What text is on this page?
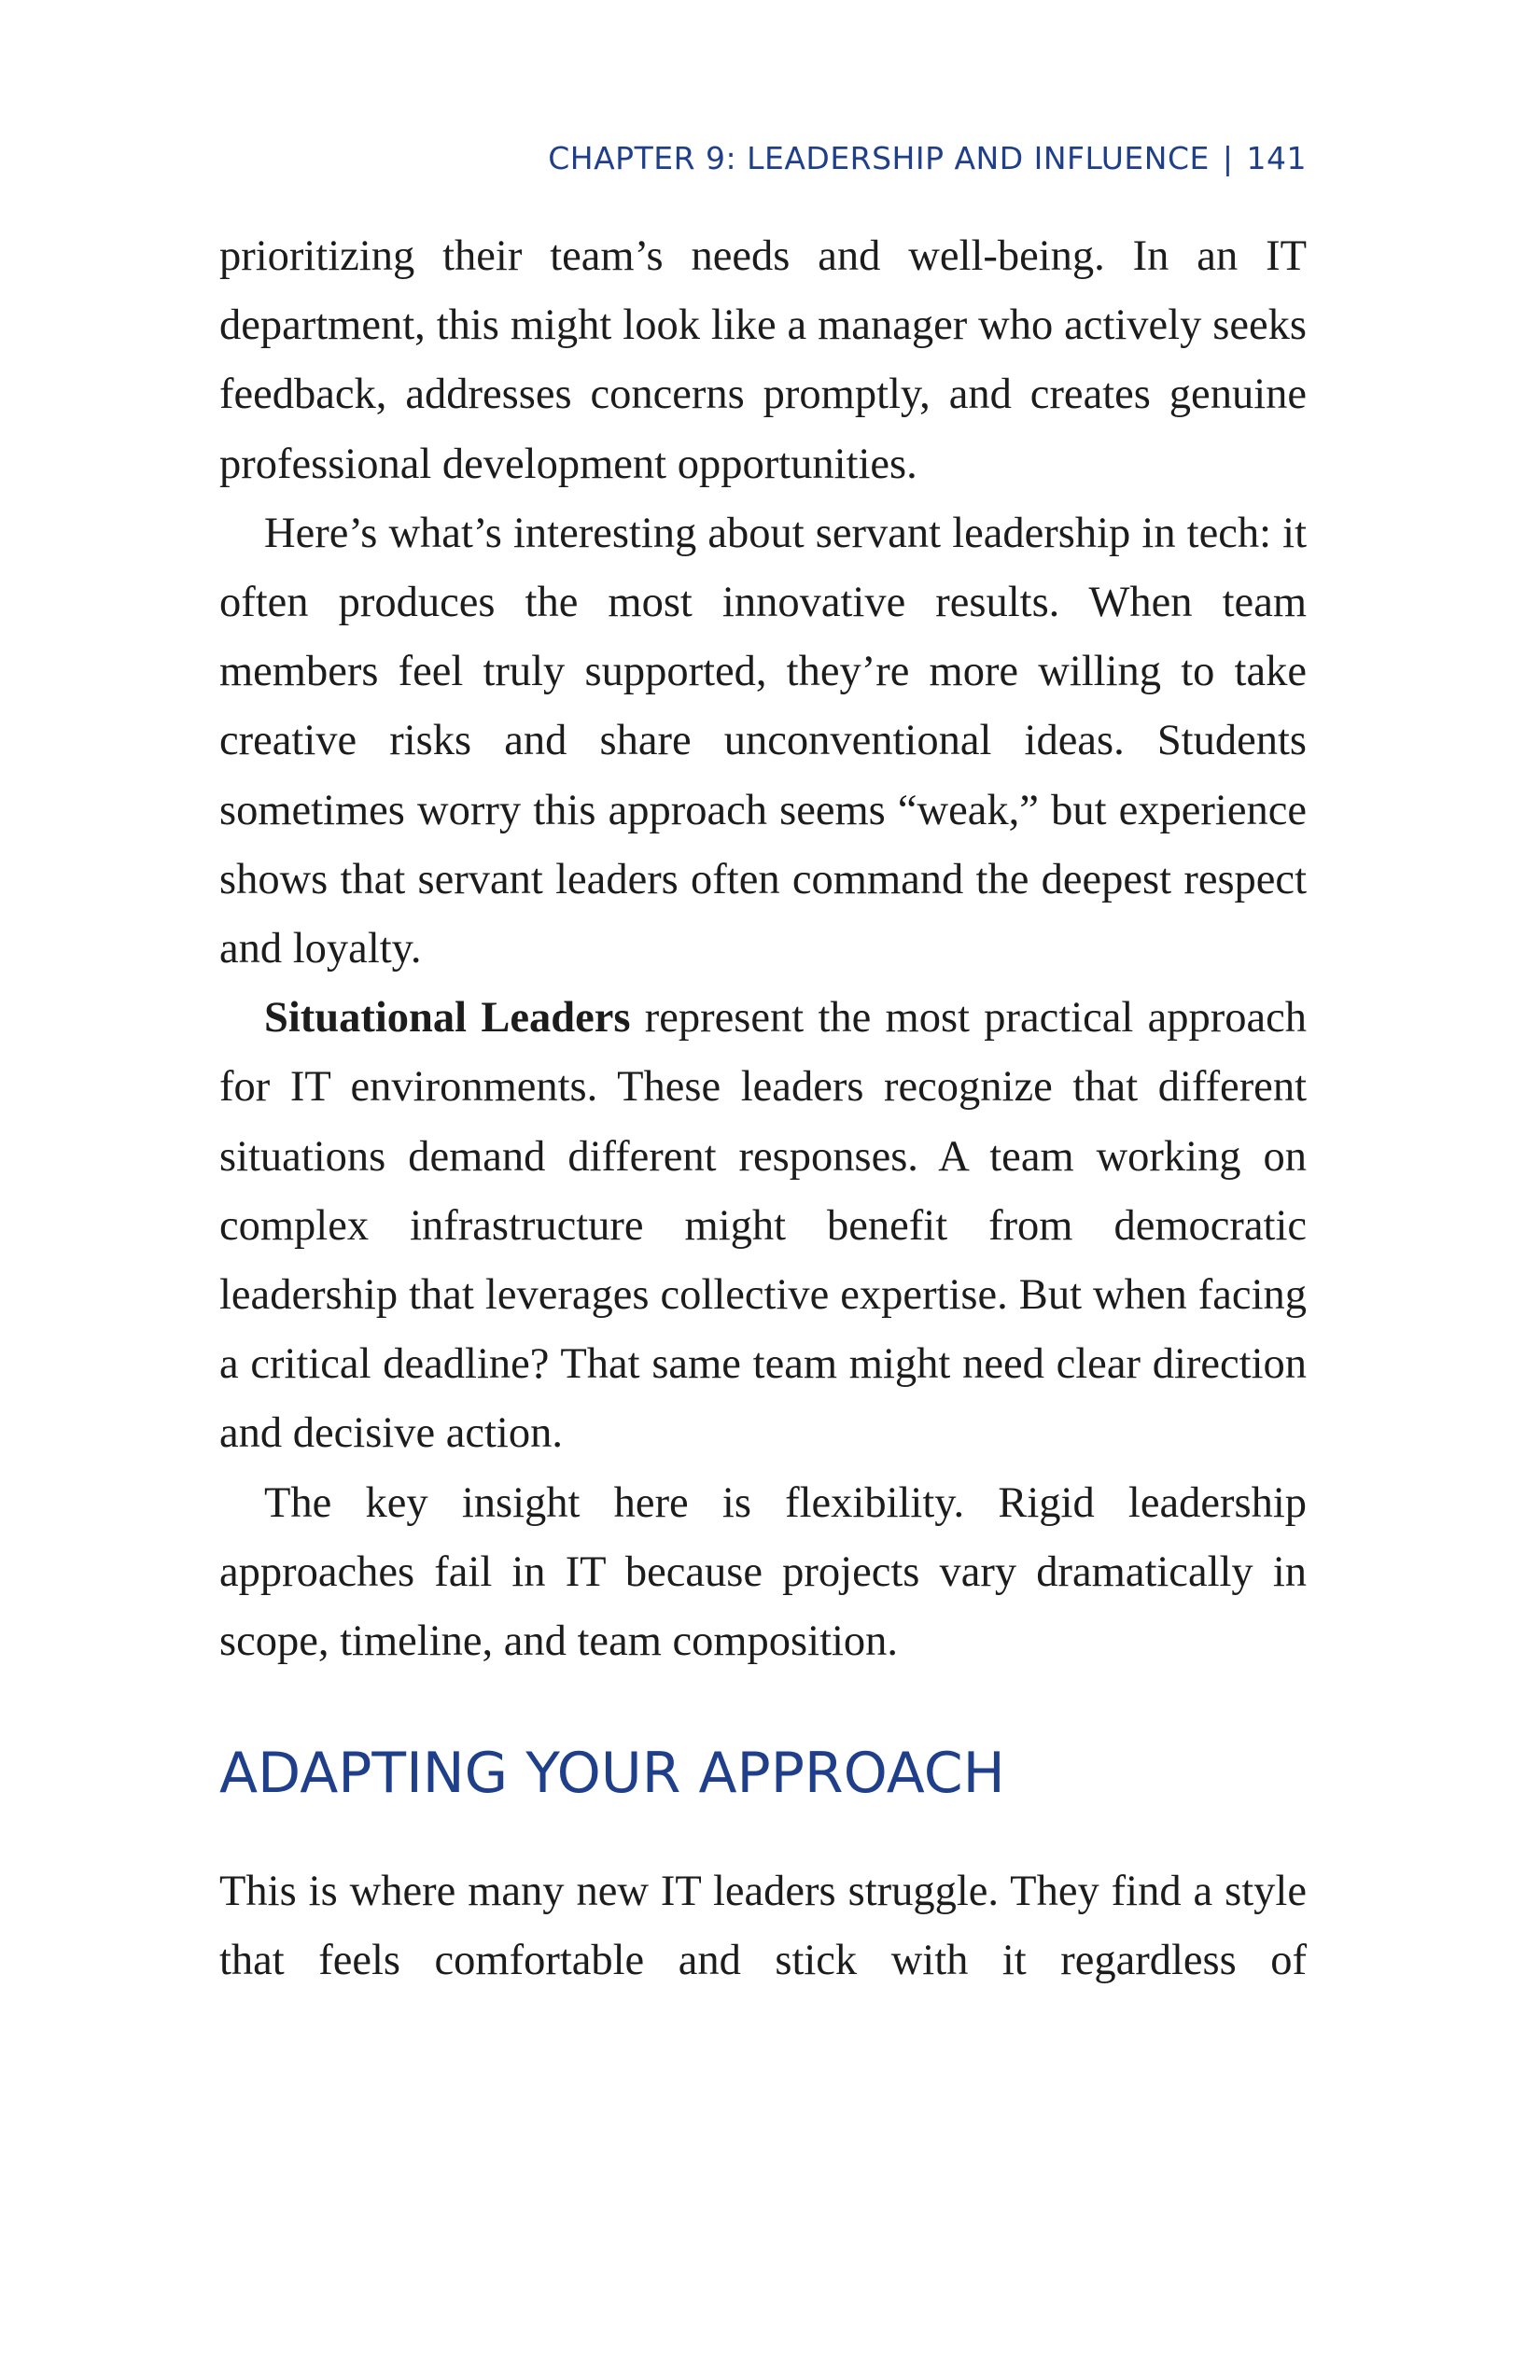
CHAPTER 9: LEADERSHIP AND INFLUENCE | 141

prioritizing their team’s needs and well-being. In an IT department, this might look like a manager who actively seeks feedback, addresses concerns promptly, and creates genuine professional development opportunities.

Here’s what’s interesting about servant leadership in tech: it often produces the most innovative results. When team members feel truly supported, they’re more willing to take creative risks and share unconventional ideas. Students sometimes worry this approach seems “weak,” but experience shows that servant leaders often command the deepest respect and loyalty.

Situational Leaders represent the most practical approach for IT environments. These leaders recognize that different situations demand different responses. A team working on complex infrastructure might benefit from democratic leadership that leverages collective expertise. But when facing a critical deadline? That same team might need clear direction and decisive action.

The key insight here is flexibility. Rigid leadership approaches fail in IT because projects vary dramatically in scope, timeline, and team composition.

ADAPTING YOUR APPROACH

This is where many new IT leaders struggle. They find a style that feels comfortable and stick with it regardless of
